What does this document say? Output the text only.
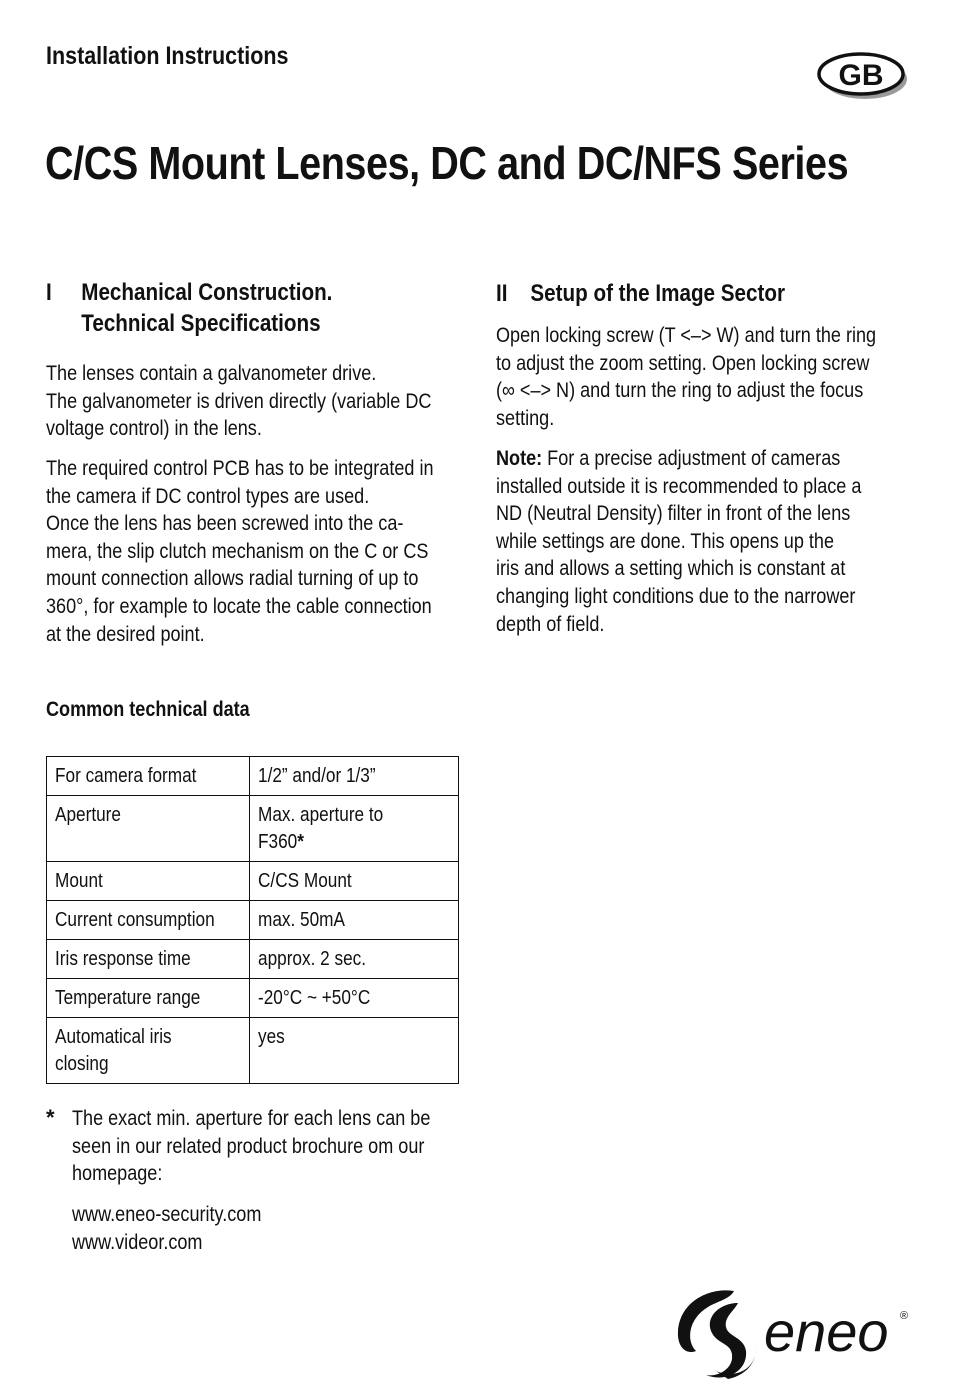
Installation Instructions
GB
C/CS Mount Lenses, DC and DC/NFS Series
I Mechanical Construction.
Technical Specifications
The lenses contain a galvanometer drive.
The galvanometer is driven directly (variable DC
voltage control) in the lens.
The required control PCB has to be integrated in
the camera if DC control types are used.
Once the lens has been screwed into the ca-
mera, the slip clutch mechanism on the C or CS
mount connection allows radial turning of up to
360°, for example to locate the cable connection
at the desired point.
II Setup of the Image Sector
Open locking screw (T <–> W) and turn the ring
to adjust the zoom setting. Open locking screw
(∞ <–> N) and turn the ring to adjust the focus
setting.
Note: For a precise adjustment of cameras
installed outside it is recommended to place a
ND (Neutral Density) filter in front of the lens
while settings are done. This opens up the
iris and allows a setting which is constant at
changing light conditions due to the narrower
depth of field.
Common technical data
For camera format	1/2” and/or 1/3”
Aperture	Max. aperture to
F360*
Mount	C/CS Mount
Current consumption	max. 50mA
Iris response time	approx. 2 sec.
Temperature range	-20°C ~ +50°C
Automatical iris
closing	yes
* The exact min. aperture for each lens can be
seen in our related product brochure om our
homepage:
www.eneo-security.com
www.videor.com
eneo ®
